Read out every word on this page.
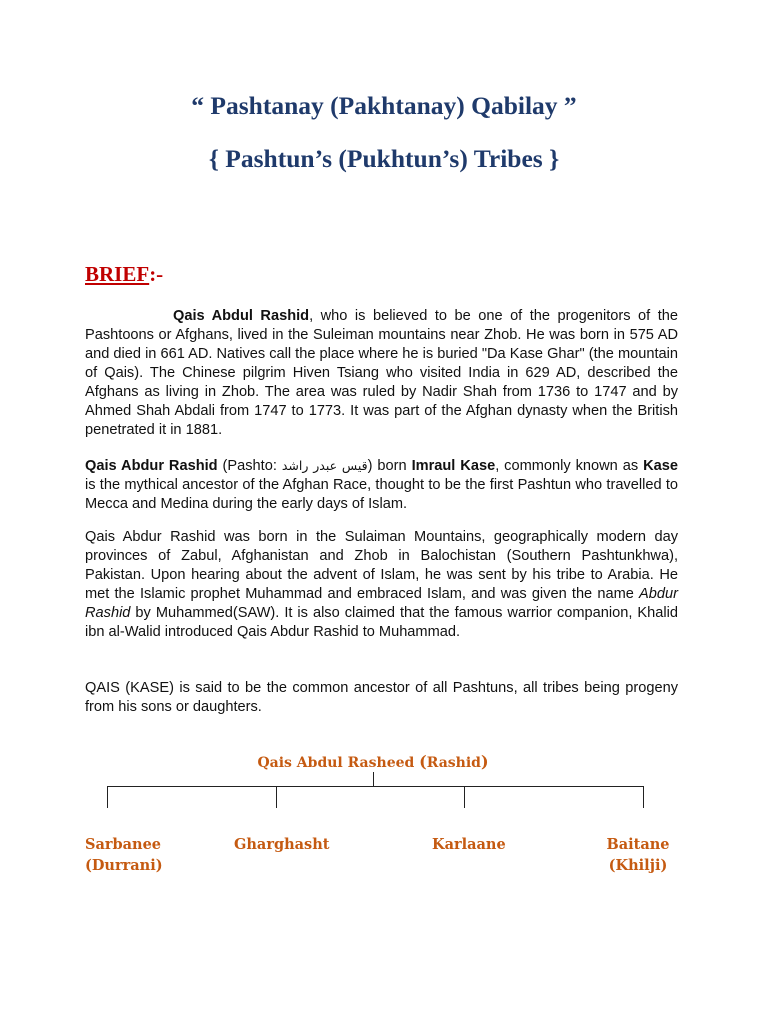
“ Pashtanay (Pakhtanay) Qabilay ”
{ Pashtun’s (Pukhtun’s) Tribes }
BRIEF:-

Qais Abdul Rashid, who is believed to be one of the progenitors of the Pashtoons or Afghans, lived in the Suleiman mountains near Zhob. He was born in 575 AD and died in 661 AD. Natives call the place where he is buried "Da Kase Ghar" (the mountain of Qais). The Chinese pilgrim Hiven Tsiang who visited India in 629 AD, described the Afghans as living in Zhob. The area was ruled by Nadir Shah from 1736 to 1747 and by Ahmed Shah Abdali from 1747 to 1773. It was part of the Afghan dynasty when the British penetrated it in 1881.

Qais Abdur Rashid (Pashto: قيس عبدر راشد) born Imraul Kase, commonly known as Kase is the mythical ancestor of the Afghan Race, thought to be the first Pashtun who travelled to Mecca and Medina during the early days of Islam.

Qais Abdur Rashid was born in the Sulaiman Mountains, geographically modern day provinces of Zabul, Afghanistan and Zhob in Balochistan (Southern Pashtunkhwa), Pakistan. Upon hearing about the advent of Islam, he was sent by his tribe to Arabia. He met the Islamic prophet Muhammad and embraced Islam, and was given the name Abdur Rashid by Muhammed(SAW). It is also claimed that the famous warrior companion, Khalid ibn al-Walid introduced Qais Abdur Rashid to Muhammad.

QAIS (KASE) is said to be the common ancestor of all Pashtuns, all tribes being progeny from his sons or daughters.

Qais Abdul Rasheed (Rashid)
Sarbanee
(Durrani)
Gharghasht	Karlaane	Baitane
(Khilji)
